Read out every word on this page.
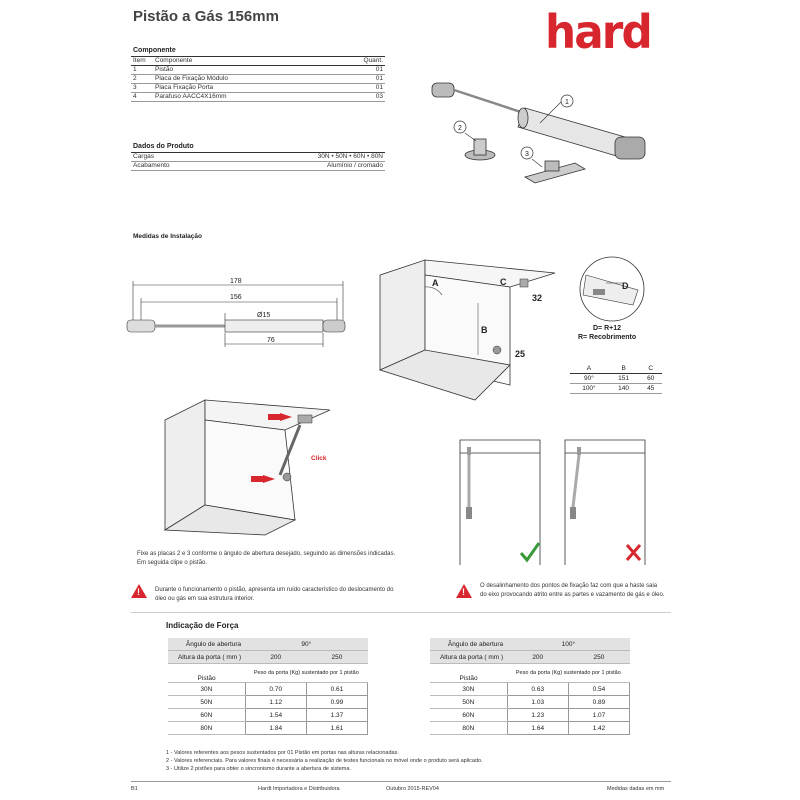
Pistão a Gás 156mm	hard
Componente
Item	Componente	Quant.
1	Pistão	01
2	Placa de Fixação Módulo	01
3	Placa Fixação Porta	01
4	Parafuso AACC4X16mm	03
Dados do Produto
Cargas	30N • 50N • 60N • 80N
Acabamento	Alumínio / cromado
1
2
3
Medidas de Instalação
178
156
Ø15
76
A
B
C
32
25
D
D= R+12
R= Recobrimento
A	B	C
90°	151	60
100°	140	45
Click
Fixe as placas 2 e 3 conforme o ângulo de abertura desejado, seguindo as dimensões indicadas. Em seguida clipe o pistão.
!	Durante o funcionamento o pistão, apresenta um ruído característico do deslocamento do óleo ou gás em sua estrutura interior.
!
O desalinhamento dos pontos de fixação faz com que a haste saia do eixo provocando atrito entre as partes e vazamento de gás e óleo.
Indicação de Força
Ângulo de abertura	90°	
Altura da porta ( mm )	200	250
Pistão	Peso da porta (Kg) sustentado por 1 pistão	
30N	0.70	0.61
50N	1.12	0.99
60N	1.54	1.37
80N	1.84	1.61
Ângulo de abertura	100°	
Altura da porta ( mm )	200	250
Pistão	Peso da porta (Kg) sustentado por 1 pistão	
30N	0.63	0.54
50N	1.03	0.89
60N	1.23	1.07
80N	1.64	1.42
1 - Valores referentes aos pesos sustentados por 01 Pistão em portas nas alturas relacionadas.
2 - Valores referenciais. Para valores finais é necessária a realização de testes funcionais no móvel onde o produto será aplicado.
3 - Utilize 2 pistões para obter o sincronismo durante a abertura de sistema.
B1	Hardt Importadora e Distribuidora	Outubro 2015-REV04	Medidas dadas em mm
